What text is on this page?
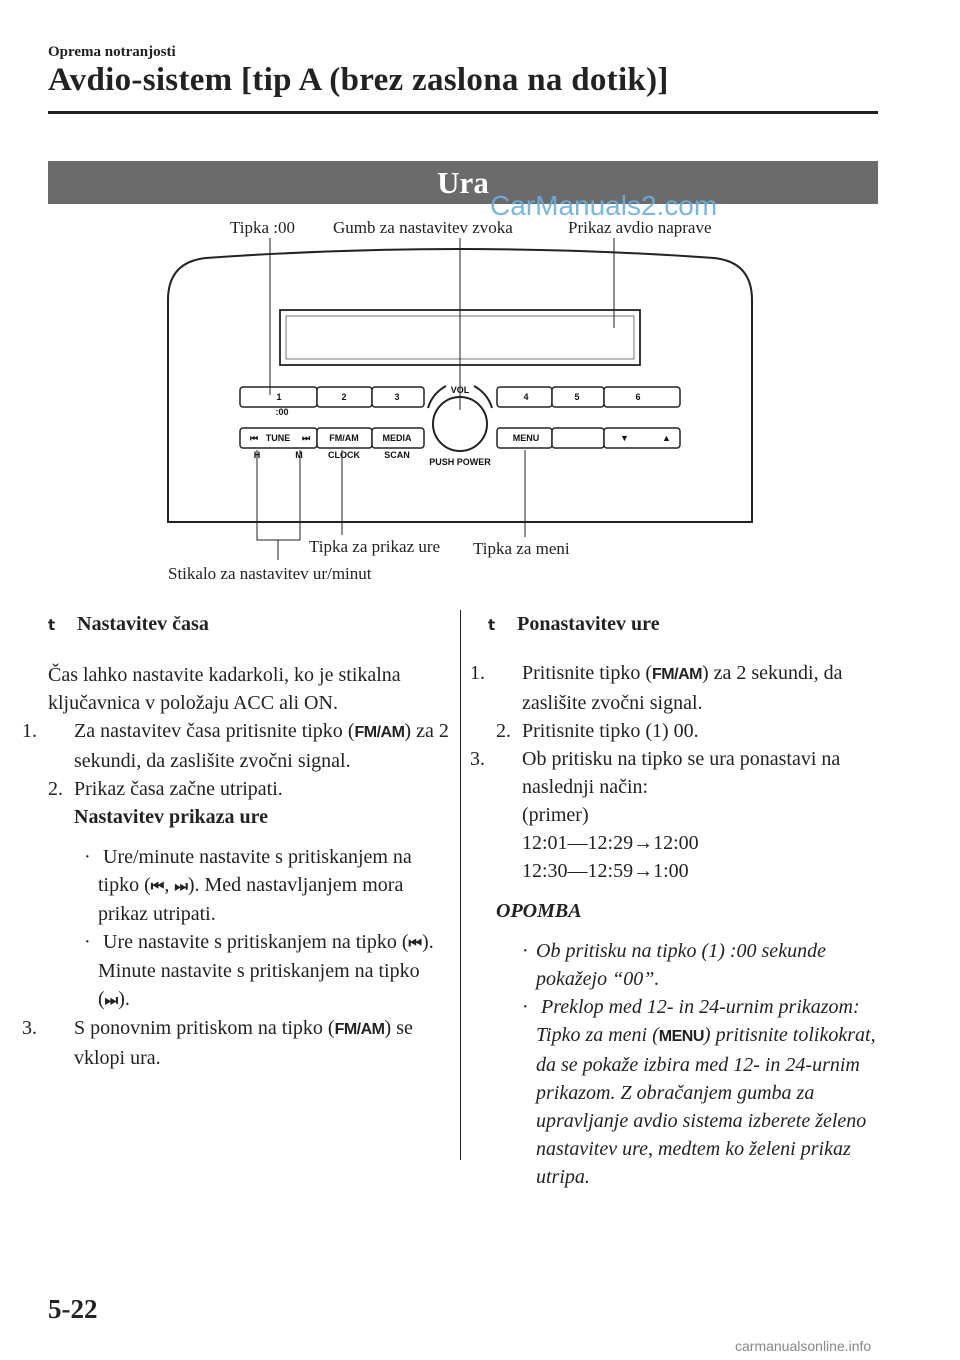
Oprema notranjosti
Avdio-sistem [tip A (brez zaslona na dotik)]
Ura
CarManuals2.com
Tipka :00 Gumb za nastavitev zvoka	Prikaz avdio naprave
Tipka za prikaz ure Tipka za meni
Stikalo za nastavitev ur/minut
1	2	3
:00
4	5	6
⏮ TUNE ⏭ FM/AM	MEDIA
H	M	CLOCK	SCAN
MENU	▼	▲
VOL
PUSH POWER
t Nastavitev časa
Čas lahko nastavite kadarkoli, ko je stikalna ključavnica v položaju ACC ali ON.
1. Za nastavitev časa pritisnite tipko (FM/AM) za 2 sekundi, da zaslišite zvočni signal.
2. Prikaz časa začne utripati.
Nastavitev prikaza ure
· Ure/minute nastavite s pritiskanjem na tipko (⏮, ⏭). Med nastavljanjem mora prikaz utripati.
· Ure nastavite s pritiskanjem na tipko (⏮). Minute nastavite s pritiskanjem na tipko (⏭).
3. S ponovnim pritiskom na tipko (FM/AM) se vklopi ura.
t Ponastavitev ure
1. Pritisnite tipko (FM/AM) za 2 sekundi, da zaslišite zvočni signal.
2. Pritisnite tipko (1) 00.
3. Ob pritisku na tipko se ura ponastavi na naslednji način:
(primer)
12:01―12:29→12:00
12:30―12:59→1:00
OPOMBA
· Ob pritisku na tipko (1) :00 sekunde pokažejo “00”.
· Preklop med 12- in 24-urnim prikazom: Tipko za meni (MENU) pritisnite tolikokrat, da se pokaže izbira med 12- in 24-urnim prikazom. Z obračanjem gumba za upravljanje avdio sistema izberete želeno nastavitev ure, medtem ko želeni prikaz utripa.
5-22
carmanualsonline.info
